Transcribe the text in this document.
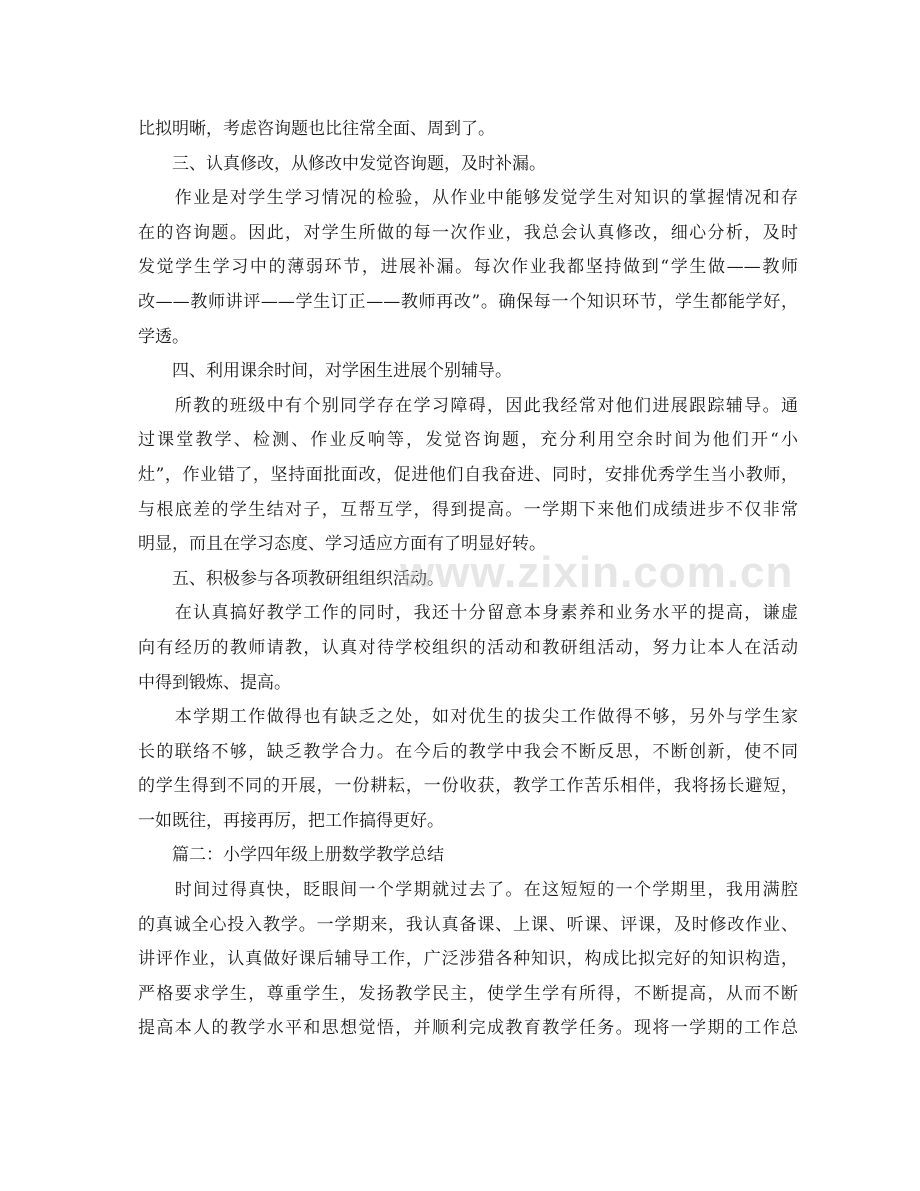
比拟明晰，考虑咨询题也比往常全面、周到了。
　　三、认真修改，从修改中发觉咨询题，及时补漏。
　　作业是对学生学习情况的检验，从作业中能够发觉学生对知识的掌握情况和存
在的咨询题。因此，对学生所做的每一次作业，我总会认真修改，细心分析，及时
发觉学生学习中的薄弱环节，进展补漏。每次作业我都坚持做到“学生做——教师
改——教师讲评——学生订正——教师再改”。确保每一个知识环节，学生都能学好，
学透。
　　四、利用课余时间，对学困生进展个别辅导。
　　所教的班级中有个别同学存在学习障碍，因此我经常对他们进展跟踪辅导。通
过课堂教学、检测、作业反响等，发觉咨询题，充分利用空余时间为他们开“小
灶”，作业错了，坚持面批面改，促进他们自我奋进、同时，安排优秀学生当小教师，
与根底差的学生结对子，互帮互学，得到提高。一学期下来他们成绩进步不仅非常
明显，而且在学习态度、学习适应方面有了明显好转。
　　五、积极参与各项教研组组织活动。
　　在认真搞好教学工作的同时，我还十分留意本身素养和业务水平的提高，谦虚
向有经历的教师请教，认真对待学校组织的活动和教研组活动，努力让本人在活动
中得到锻炼、提高。
　　本学期工作做得也有缺乏之处，如对优生的拔尖工作做得不够，另外与学生家
长的联络不够，缺乏教学合力。在今后的教学中我会不断反思，不断创新，使不同
的学生得到不同的开展，一份耕耘，一份收获，教学工作苦乐相伴，我将扬长避短，
一如既往，再接再厉，把工作搞得更好。
　　篇二：小学四年级上册数学教学总结
　　时间过得真快，眨眼间一个学期就过去了。在这短短的一个学期里，我用满腔
的真诚全心投入教学。一学期来，我认真备课、上课、听课、评课，及时修改作业、
讲评作业，认真做好课后辅导工作，广泛涉猎各种知识，构成比拟完好的知识构造，
严格要求学生，尊重学生，发扬教学民主，使学生学有所得，不断提高，从而不断
提高本人的教学水平和思想觉悟，并顺利完成教育教学任务。现将一学期的工作总
www.zixin.com.cn
